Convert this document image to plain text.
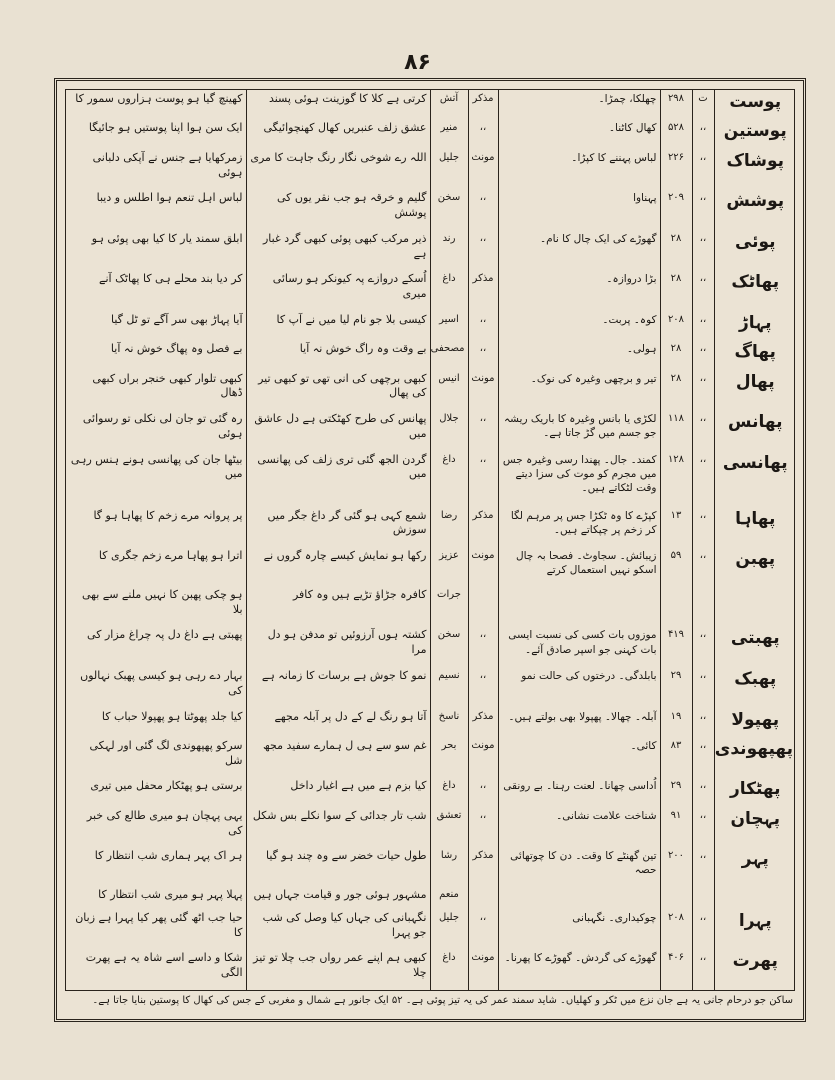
۸۶
پوست	ت	۲۹۸	چھلکا، چمڑا۔	مذکر	آتش	کرتی ہے کلا کا گوزینت ہوئی پسند	کھینچ گیا ہو پوست ہزاروں سمور کا
پوستین	،،	۵۲۸	کھال کاٹنا۔	،،	منیر	عشق زلف عنبریں کھال کھنچوائیگی	ایک سن ہوا اپنا پوستیں ہو جائیگا
پوشاک	،،	۲۲۶	لباس پہننے کا کپڑا۔	مونث	جلیل	اللہ رے شوخی نگار رنگ جاہت کا مری	زمرکھایا ہے جنس نے آپکی دلبانی ہوئی
پوشش	،،	۲۰۹	پہناوا	،،	سخن	گلیم و خرقہ ہو جب نقر یوں کی پوشش	لباس اہل تنعم ہوا اطلس و دیبا
پوئی	،،	۲۸	گھوڑے کی ایک چال کا نام۔	،،	رند	ذیر مرکب کبھی پوئی کبھی گرد غبار ہے	ابلق سمند یار کا کیا بھی پوئی ہو
پھاٹک	،،	۲۸	بڑا دروازہ۔	مذکر	داغ	اُسکے دروازے پہ کیونکر ہو رسائی میری	کر دیا بند محلے ہی کا پھاٹک آنے
پہاڑ	،،	۲۰۸	کوہ۔ پربت۔	،،	اسیر	کیسی بلا جو نام لیا میں نے آپ کا	آیا پہاڑ بھی سر آگے تو ٹل گیا
پھاگ	،،	۲۸	ہولی۔	،،	مصحفی	بے وقت وہ راگ خوش نہ آیا	بے فصل وہ پھاگ خوش نہ آیا
پھال	،،	۲۸	تیر و برچھی وغیرہ کی نوک۔	مونث	انیس	کبھی برچھی کی انی تھی تو کبھی تیر کی پھال	کبھی تلوار کبھی خنجر براں کبھی ڈھال
پھانس	،،	۱۱۸	لکڑی یا بانس وغیرہ کا باریک ریشہ جو جسم میں گڑ جاتا ہے۔	،،	جلال	پھانس کی طرح کھٹکتی ہے دل عاشق میں	رہ گئی تو جان لی نکلی تو رسوائی ہوئی
پھانسی	،،	۱۲۸	کمند۔ جال۔ پھندا رسی وغیرہ جس میں مجرم کو موت کی سزا دیتے وقت لٹکاتے ہیں۔	،،	داغ	گردن الجھ گئی تری زلف کی پھانسی میں	بیٹھا جان کی پھانسی ہونے ہنس رہی میں
پھاہا	،،	۱۳	کپڑے کا وہ ٹکڑا جس پر مرہم لگا کر زخم پر چپکاتے ہیں۔	مذکر	رضا	شمع کہی ہو گئی گر داغ جگر میں سوزش	پر پروانہ مرے زخم کا پھاہا ہو گا
پھبن	،،	۵۹	زیبائش۔ سجاوٹ۔ فصحا بہ چال اسکو نہیں استعمال کرتے	مونث	عزیز	رکھا ہو نمایش کیسے چارہ گروں نے	اترا ہو پھاہا مرے زخم جگری کا
					جرات	کافرہ جڑاؤ تڑیے ہیں وہ کافر	ہو چکی پھبن کا نہیں ملنے سے بھی بلا
پھبتی	،،	۴۱۹	موزوں بات کسی کی نسبت ایسی بات کہنی جو اسپر صادق آئے۔	،،	سخن	کشتہ ہوں آرزوئیں تو مدفن ہو دل مرا	پھبتی ہے داغ دل پہ چراغ مزار کی
پھبک	،،	۲۹	بابلدگی۔ درختوں کی حالت نمو	،،	نسیم	نمو کا جوش ہے برسات کا زمانہ ہے	بہار دے رہی ہو کیسی پھبک نہالوں کی
پھپولا	،،	۱۹	آبلہ۔ چھالا۔ پھپولا بھی بولتے ہیں۔	مذکر	ناسخ	آتا ہو رنگ لے کے دل پر آبلہ مجھے	کیا جلد پھوٹتا ہو پھپولا حباب کا
پھپھوندی	،،	۸۳	کائی۔	مونث	بحر	غم سو سے ہی ل ہمارے سفید مجھ	سرکو پھپھوندی لگ گئی اور لہکی شل
پھٹکار	،،	۲۹	اُداسی چھانا۔ لعنت رہنا۔ بے رونقی	،،	داغ	کیا بزم ہے میں ہے اغیار داخل	برستی ہو پھٹکار محفل میں تیری
پہچان	،،	۹۱	شناخت علامت نشانی۔	،،	تعشق	شب تار جدائی کے سوا نکلے بس شکل	یہی پہچان ہو میری طالع کی خبر کی
پہر	،،	۲۰۰	تین گھنٹے کا وقت۔ دن کا چوتھائی حصہ	مذکر	رشا	طول حیات خضر سے وہ چند ہو گیا	ہر اک پہر ہماری شب انتظار کا
					منعم	مشہور ہوئی جور و قیامت جہاں ہیں	پہلا پہر ہو میری شب انتظار کا
پہرا	،،	۲۰۸	چوکیداری۔ نگہبانی	،،	جلیل	نگہبانی کی جہاں کیا وصل کی شب جو پہرا	حیا جب اٹھ گئی پھر کیا پہرا ہے زبان کا
پھرت	،،	۴۰۶	گھوڑے کی گردش۔ گھوڑے کا پھرنا۔	مونث	داغ	کبھی ہم اپنے عمر رواں جب چلا تو تیز چلا	شکا و داسے اسے شاہ یہ ہے پھرت الگی
ساکن جو درحام جانی یہ ہے جان نزع میں ٹکر و کھلیاں۔ شاید سمند عمر کی یہ تیز پوئی ہے۔ ۵۲ ایک جانور ہے شمال و مغربی کے جس کی کھال کا پوستین بنایا جاتا ہے۔
